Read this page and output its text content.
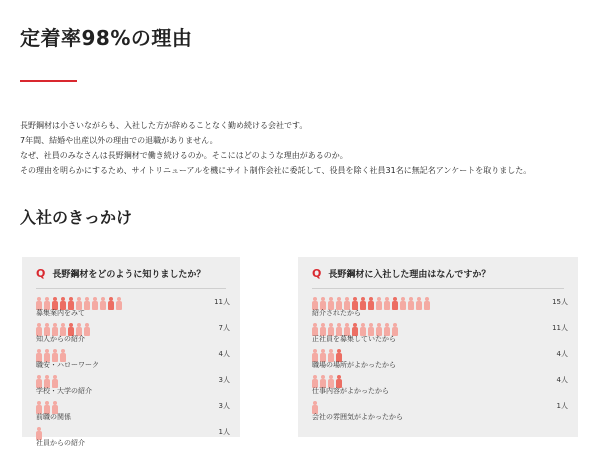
定着率98%の理由

長野鋼材は小さいながらも、入社した方が辞めることなく勤め続ける会社です。

7年間、結婚や出産以外の理由での退職がありません。

なぜ、社員のみなさんは長野鋼材で働き続けるのか。そこにはどのような理由があるのか。

その理由を明らかにするため、サイトリニューアルを機にサイト制作会社に委託して、役員を除く社員31名に無記名アンケートを取りました。

入社のきっかけ
Q 長野鋼材をどのように知りましたか？
募集案内をみて
11人
知人からの紹介
7人
職安・ハローワーク
4人
学校・大学の紹介
3人
前職の関係
3人
社員からの紹介
1人
Q 長野鋼材に入社した理由はなんですか？
紹介されたから
15人
正社員を募集していたから
11人
職場の場所がよかったから
4人
仕事内容がよかったから
4人
会社の雰囲気がよかったから
1人
